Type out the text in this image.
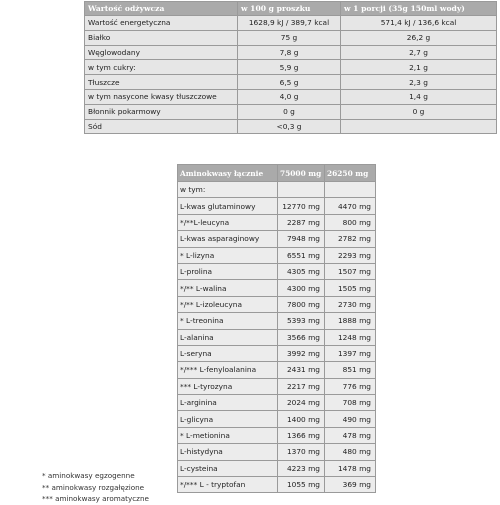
Wartość odżywcza	w 100 g proszku	w 1 porcji (35g 150ml wody)
Wartość energetyczna	1628,9 kJ / 389,7 kcal	571,4 kJ / 136,6 kcal
Białko	75 g	26,2 g
Węglowodany	7,8 g	2,7 g
w tym cukry:	5,9 g	2,1 g
Tłuszcze	6,5 g	2,3 g
w tym nasycone kwasy tłuszczowe	4,0 g	1,4 g
Błonnik pokarmowy	0 g	0 g
Sód	<0,3 g	
Aminokwasy łącznie	75000 mg	26250 mg
w tym:		
L-kwas glutaminowy	12770 mg	4470 mg
*/**L-leucyna	2287 mg	800 mg
L-kwas asparaginowy	7948 mg	2782 mg
* L-lizyna	6551 mg	2293 mg
L-prolina	4305 mg	1507 mg
*/** L-walina	4300 mg	1505 mg
*/** L-izoleucyna	7800 mg	2730 mg
* L-treonina	5393 mg	1888 mg
L-alanina	3566 mg	1248 mg
L-seryna	3992 mg	1397 mg
*/*** L-fenyloalanina	2431 mg	851 mg
*** L-tyrozyna	2217 mg	776 mg
L-arginina	2024 mg	708 mg
L-glicyna	1400 mg	490 mg
* L-metionina	1366 mg	478 mg
L-histydyna	1370 mg	480 mg
L-cysteina	4223 mg	1478 mg
*/*** L - tryptofan	1055 mg	369 mg
* aminokwasy egzogenne
** aminokwasy rozgałęzione
*** aminokwasy aromatyczne
